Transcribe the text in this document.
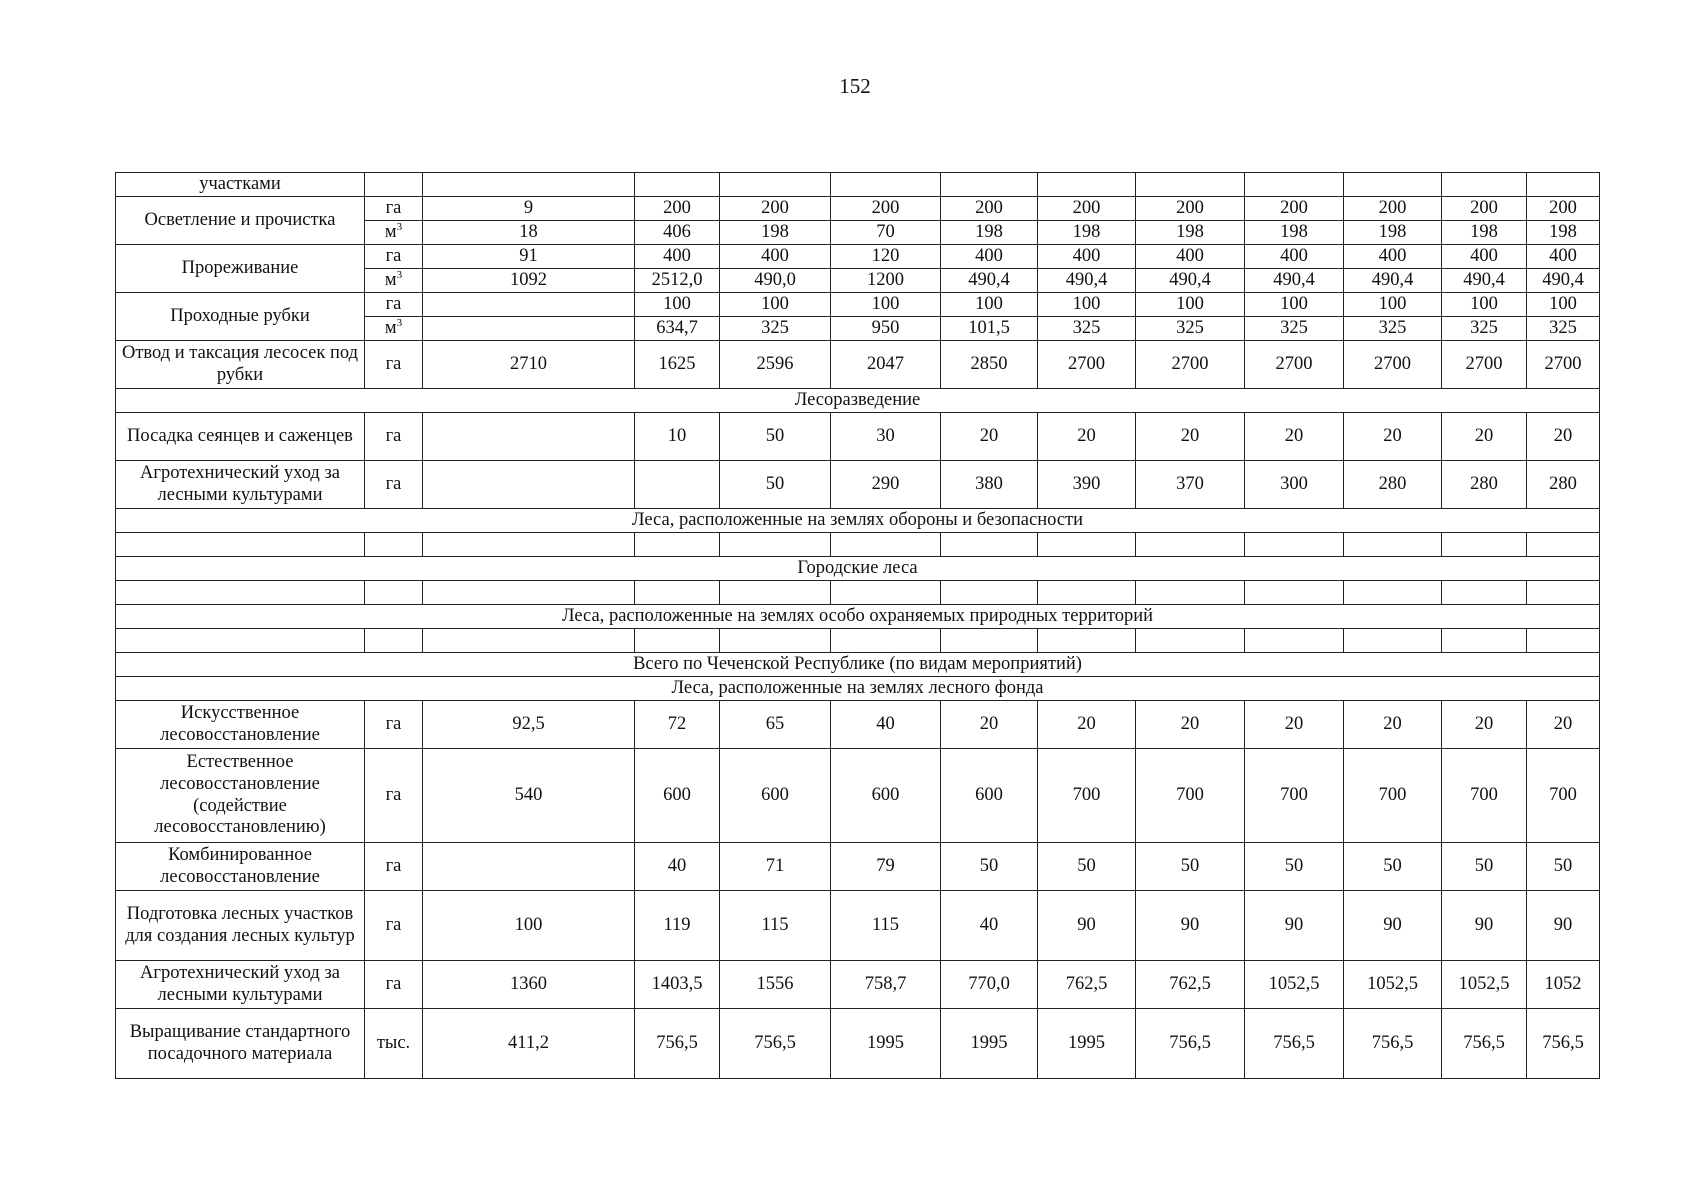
152
участками												
Осветление и прочистка	га	9	200	200	200	200	200	200	200	200	200	200
	$м^3$	18	406	198	70	198	198	198	198	198	198	198
Прореживание	га	91	400	400	120	400	400	400	400	400	400	400
	$м^3$	1092	2512,0	490,0	1200	490,4	490,4	490,4	490,4	490,4	490,4	490,4
Проходные рубки	га		100	100	100	100	100	100	100	100	100	100
	$м^3$		634,7	325	950	101,5	325	325	325	325	325	325
Отвод и таксация лесосек под рубки	га	2710	1625	2596	2047	2850	2700	2700	2700	2700	2700	2700
Лесоразведение												
Посадка сеянцев и саженцев	га		10	50	30	20	20	20	20	20	20	20
Агротехнический уход за лесными культурами	га			50	290	380	390	370	300	280	280	280
Леса, расположенные на землях обороны и безопасности												

Городские леса												

Леса, расположенные на землях особо охраняемых природных территорий												

Всего по Чеченской Республике (по видам мероприятий)												
Леса, расположенные на землях лесного фонда												
Искусственное лесовосстановление	га	92,5	72	65	40	20	20	20	20	20	20	20
Естественное лесовосстановление (содействие лесовосстановлению)	га	540	600	600	600	600	700	700	700	700	700	700
Комбинированное лесовосстановление	га		40	71	79	50	50	50	50	50	50	50
Подготовка лесных участков для создания лесных культур	га	100	119	115	115	40	90	90	90	90	90	90
Агротехнический уход за лесными культурами	га	1360	1403,5	1556	758,7	770,0	762,5	762,5	1052,5	1052,5	1052,5	1052
Выращивание стандартного посадочного материала	тыс.	411,2	756,5	756,5	1995	1995	1995	756,5	756,5	756,5	756,5	756,5
